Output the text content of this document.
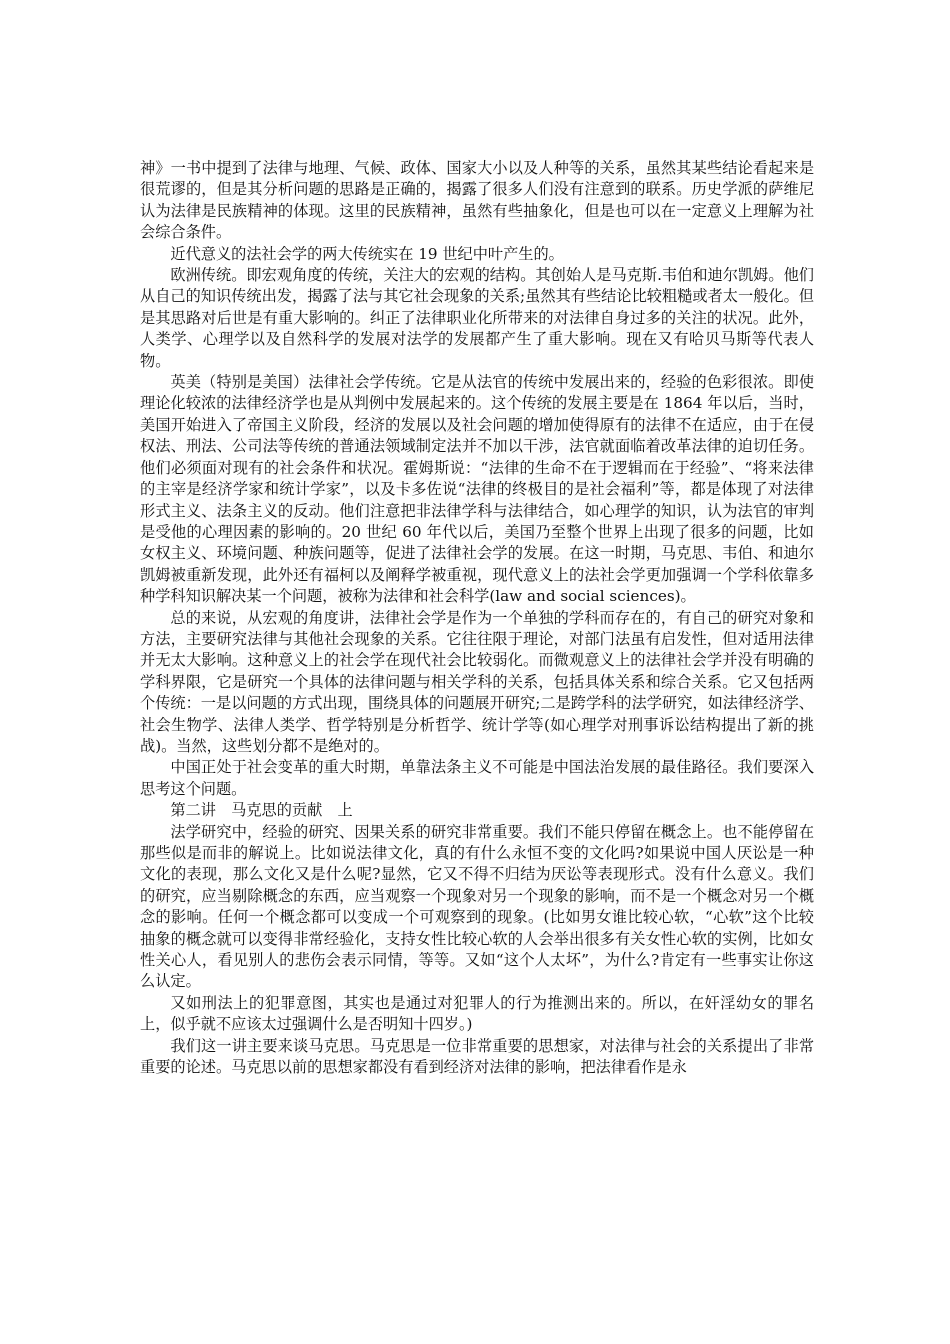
神》一书中提到了法律与地理、气候、政体、国家大小以及人种等的关系，虽然其某些结论看起来是很荒谬的，但是其分析问题的思路是正确的，揭露了很多人们没有注意到的联系。历史学派的萨维尼认为法律是民族精神的体现。这里的民族精神，虽然有些抽象化，但是也可以在一定意义上理解为社会综合条件。

近代意义的法社会学的两大传统实在 19 世纪中叶产生的。

欧洲传统。即宏观角度的传统，关注大的宏观的结构。其创始人是马克斯.韦伯和迪尔凯姆。他们从自己的知识传统出发，揭露了法与其它社会现象的关系;虽然其有些结论比较粗糙或者太一般化。但是其思路对后世是有重大影响的。纠正了法律职业化所带来的对法律自身过多的关注的状况。此外，人类学、心理学以及自然科学的发展对法学的发展都产生了重大影响。现在又有哈贝马斯等代表人物。

英美（特别是美国）法律社会学传统。它是从法官的传统中发展出来的，经验的色彩很浓。即使理论化较浓的法律经济学也是从判例中发展起来的。这个传统的发展主要是在 1864 年以后，当时，美国开始进入了帝国主义阶段，经济的发展以及社会问题的增加使得原有的法律不在适应，由于在侵权法、刑法、公司法等传统的普通法领域制定法并不加以干涉，法官就面临着改革法律的迫切任务。他们必须面对现有的社会条件和状况。霍姆斯说：“法律的生命不在于逻辑而在于经验”、“将来法律的主宰是经济学家和统计学家”，以及卡多佐说“法律的终极目的是社会福利”等，都是体现了对法律形式主义、法条主义的反动。他们注意把非法律学科与法律结合，如心理学的知识，认为法官的审判是受他的心理因素的影响的。20 世纪 60 年代以后，美国乃至整个世界上出现了很多的问题，比如女权主义、环境问题、种族问题等，促进了法律社会学的发展。在这一时期，马克思、韦伯、和迪尔凯姆被重新发现，此外还有福柯以及阐释学被重视，现代意义上的法社会学更加强调一个学科依靠多种学科知识解决某一个问题，被称为法律和社会科学(law and social sciences)。

总的来说，从宏观的角度讲，法律社会学是作为一个单独的学科而存在的，有自己的研究对象和方法，主要研究法律与其他社会现象的关系。它往往限于理论，对部门法虽有启发性，但对适用法律并无太大影响。这种意义上的社会学在现代社会比较弱化。而微观意义上的法律社会学并没有明确的学科界限，它是研究一个具体的法律问题与相关学科的关系，包括具体关系和综合关系。它又包括两个传统：一是以问题的方式出现，围绕具体的问题展开研究;二是跨学科的法学研究，如法律经济学、社会生物学、法律人类学、哲学特别是分析哲学、统计学等(如心理学对刑事诉讼结构提出了新的挑战)。当然，这些划分都不是绝对的。

中国正处于社会变革的重大时期，单靠法条主义不可能是中国法治发展的最佳路径。我们要深入思考这个问题。

第二讲　马克思的贡献　上

法学研究中，经验的研究、因果关系的研究非常重要。我们不能只停留在概念上。也不能停留在那些似是而非的解说上。比如说法律文化，真的有什么永恒不变的文化吗?如果说中国人厌讼是一种文化的表现，那么文化又是什么呢?显然，它又不得不归结为厌讼等表现形式。没有什么意义。我们的研究，应当剔除概念的东西，应当观察一个现象对另一个现象的影响，而不是一个概念对另一个概念的影响。任何一个概念都可以变成一个可观察到的现象。(比如男女谁比较心软，“心软”这个比较抽象的概念就可以变得非常经验化，支持女性比较心软的人会举出很多有关女性心软的实例，比如女性关心人，看见别人的悲伤会表示同情，等等。又如“这个人太坏”，为什么?肯定有一些事实让你这么认定。

又如刑法上的犯罪意图，其实也是通过对犯罪人的行为推测出来的。所以，在奸淫幼女的罪名上，似乎就不应该太过强调什么是否明知十四岁。)

我们这一讲主要来谈马克思。马克思是一位非常重要的思想家，对法律与社会的关系提出了非常重要的论述。马克思以前的思想家都没有看到经济对法律的影响，把法律看作是永
